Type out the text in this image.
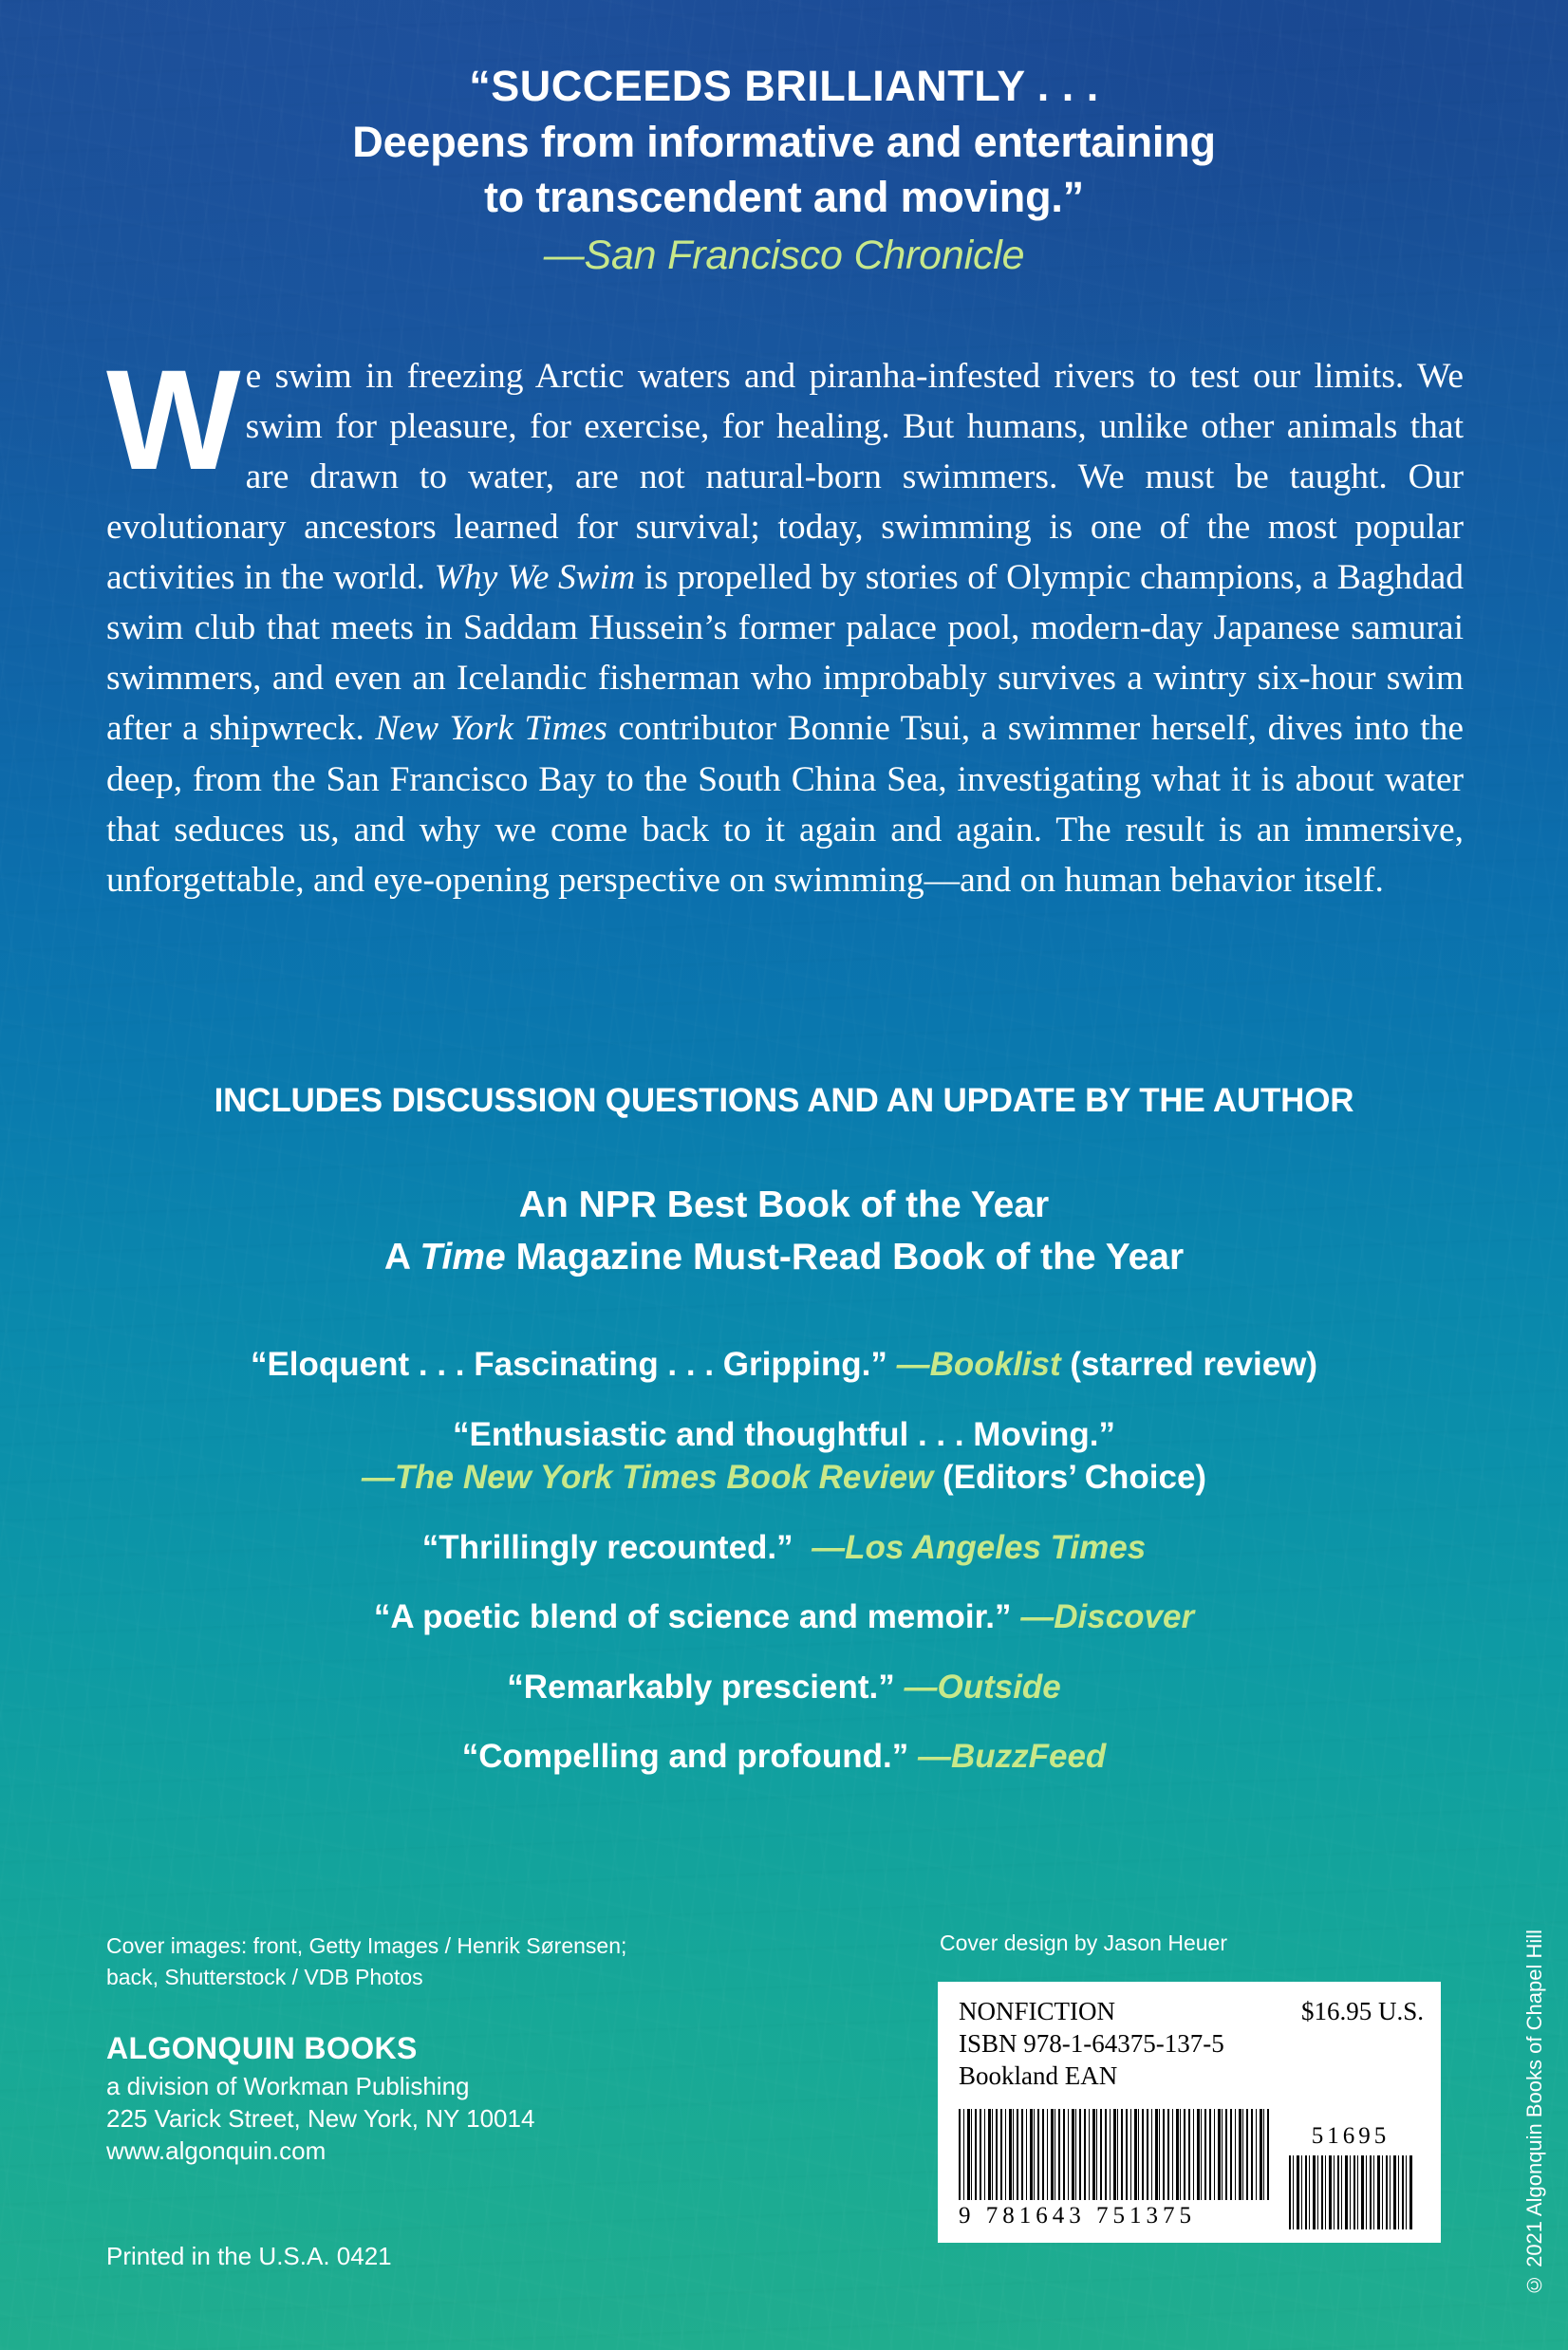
“SUCCEEDS BRILLIANTLY . . .
Deepens from informative and entertaining
to transcendent and moving.”
—San Francisco Chronicle
We swim in freezing Arctic waters and piranha-infested rivers to test our limits. We swim for pleasure, for exercise, for healing. But humans, unlike other animals that are drawn to water, are not natural-born swimmers. We must be taught. Our evolutionary ancestors learned for survival; today, swimming is one of the most popular activities in the world. Why We Swim is propelled by stories of Olympic champions, a Baghdad swim club that meets in Saddam Hussein’s former palace pool, modern-day Japanese samurai swimmers, and even an Icelandic fisherman who improbably survives a wintry six-hour swim after a shipwreck. New York Times contributor Bonnie Tsui, a swimmer herself, dives into the deep, from the San Francisco Bay to the South China Sea, investigating what it is about water that seduces us, and why we come back to it again and again. The result is an immersive, unforgettable, and eye-opening perspective on swimming—and on human behavior itself.
INCLUDES DISCUSSION QUESTIONS AND AN UPDATE BY THE AUTHOR
An NPR Best Book of the Year
A Time Magazine Must-Read Book of the Year
“Eloquent . . . Fascinating . . . Gripping.” —Booklist (starred review)
“Enthusiastic and thoughtful . . . Moving.”
—The New York Times Book Review (Editors’ Choice)
“Thrillingly recounted.” —Los Angeles Times
“A poetic blend of science and memoir.” —Discover
“Remarkably prescient.” —Outside
“Compelling and profound.” —BuzzFeed
Cover images: front, Getty Images / Henrik Sørensen;
back, Shutterstock / VDB Photos
Cover design by Jason Heuer
ALGONQUIN BOOKS
a division of Workman Publishing
225 Varick Street, New York, NY 10014
www.algonquin.com
Printed in the U.S.A. 0421
NONFICTION	$16.95 U.S.
ISBN 978-1-64375-137-5
Bookland EAN
9 781643 751375
51695	© 2021 Algonquin Books of Chapel Hill
